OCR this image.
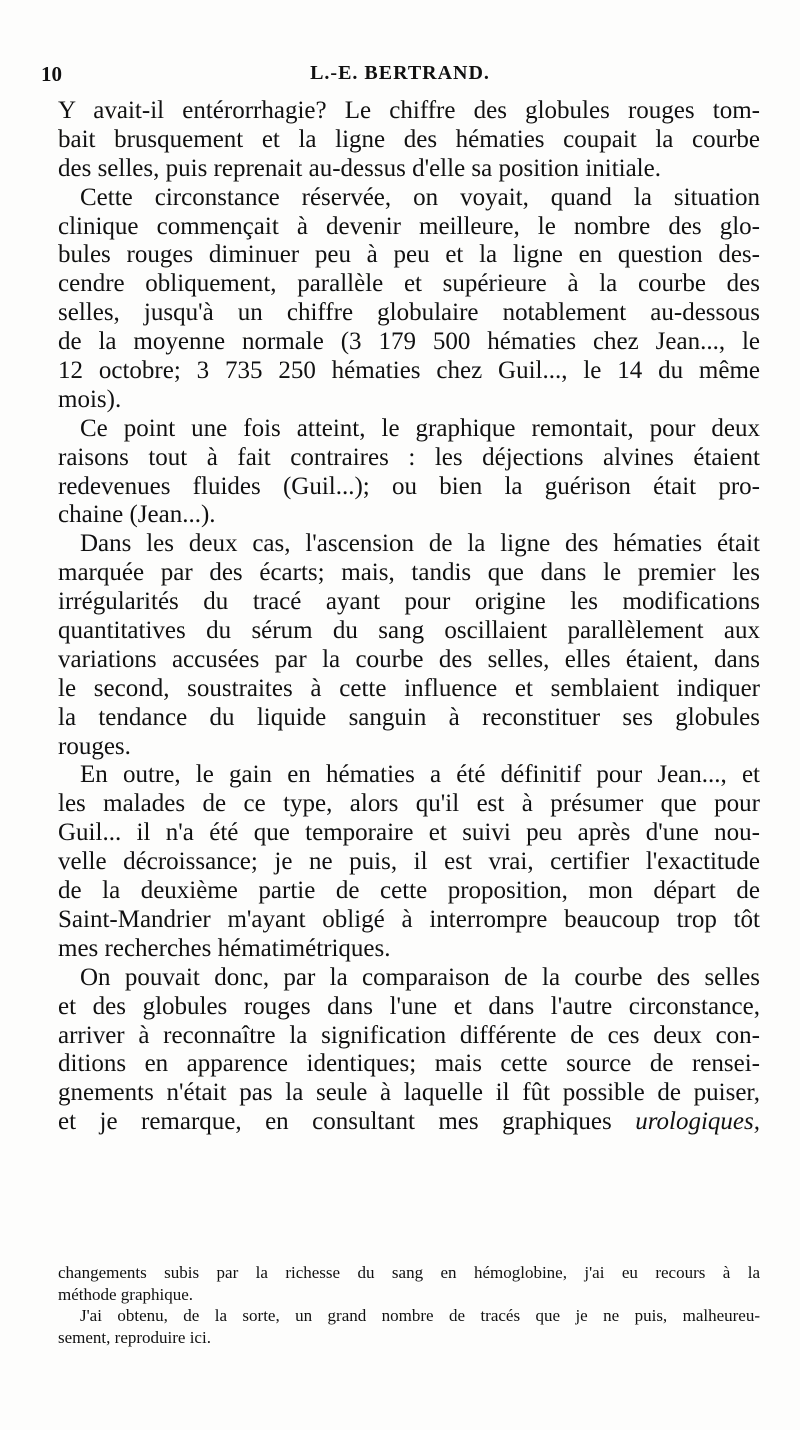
10	L.-E. BERTRAND.
Y avait-il entérorrhagie? Le chiffre des globules rouges tom-
bait brusquement et la ligne des hématies coupait la courbe
des selles, puis reprenait au-dessus d'elle sa position initiale.
Cette circonstance réservée, on voyait, quand la situation
clinique commençait à devenir meilleure, le nombre des glo-
bules rouges diminuer peu à peu et la ligne en question des-
cendre obliquement, parallèle et supérieure à la courbe des
selles, jusqu'à un chiffre globulaire notablement au-dessous
de la moyenne normale (3 179 500 hématies chez Jean..., le
12 octobre; 3 735 250 hématies chez Guil..., le 14 du même
mois).
Ce point une fois atteint, le graphique remontait, pour deux
raisons tout à fait contraires : les déjections alvines étaient
redevenues fluides (Guil...); ou bien la guérison était pro-
chaine (Jean...).
Dans les deux cas, l'ascension de la ligne des hématies était
marquée par des écarts; mais, tandis que dans le premier les
irrégularités du tracé ayant pour origine les modifications
quantitatives du sérum du sang oscillaient parallèlement aux
variations accusées par la courbe des selles, elles étaient, dans
le second, soustraites à cette influence et semblaient indiquer
la tendance du liquide sanguin à reconstituer ses globules
rouges.
En outre, le gain en hématies a été définitif pour Jean..., et
les malades de ce type, alors qu'il est à présumer que pour
Guil... il n'a été que temporaire et suivi peu après d'une nou-
velle décroissance; je ne puis, il est vrai, certifier l'exactitude
de la deuxième partie de cette proposition, mon départ de
Saint-Mandrier m'ayant obligé à interrompre beaucoup trop tôt
mes recherches hématimétriques.
On pouvait donc, par la comparaison de la courbe des selles
et des globules rouges dans l'une et dans l'autre circonstance,
arriver à reconnaître la signification différente de ces deux con-
ditions en apparence identiques; mais cette source de rensei-
gnements n'était pas la seule à laquelle il fût possible de puiser,
et je remarque, en consultant mes graphiques urologiques,
changements subis par la richesse du sang en hémoglobine, j'ai eu recours à la
méthode graphique.
J'ai obtenu, de la sorte, un grand nombre de tracés que je ne puis, malheureu-
sement, reproduire ici.
